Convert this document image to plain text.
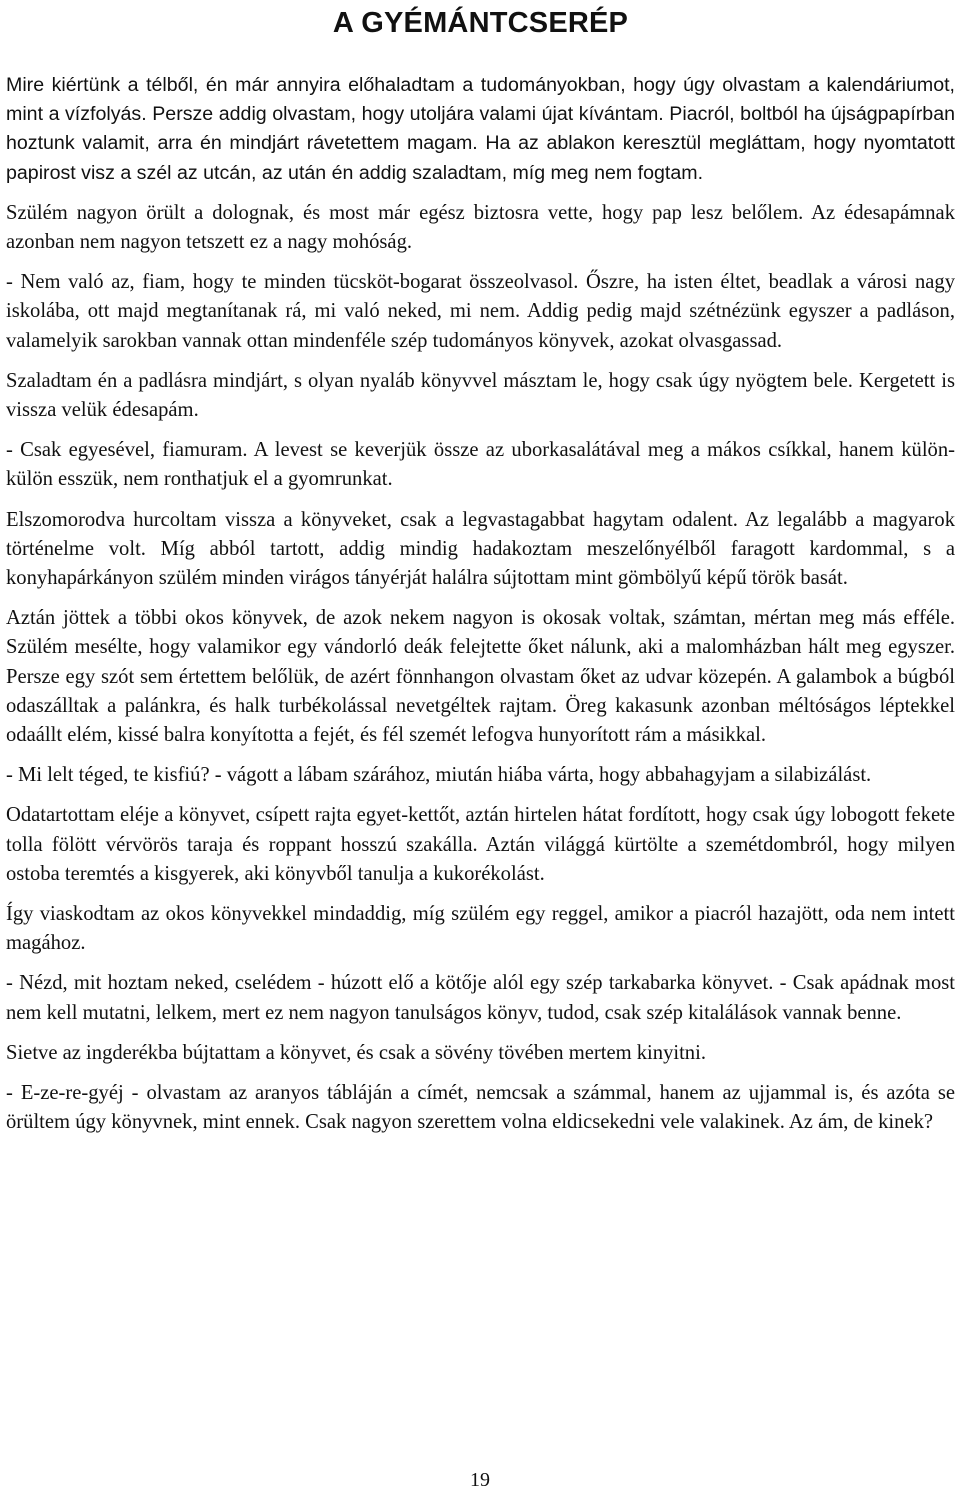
A GYÉMÁNTCSERÉP

Mire kiértünk a télből, én már annyira előhaladtam a tudományokban, hogy úgy olvastam a kalendáriumot, mint a vízfolyás. Persze addig olvastam, hogy utoljára valami újat kívántam. Piacról, boltból ha újságpapírban hoztunk valamit, arra én mindjárt rávetettem magam. Ha az ablakon keresztül megláttam, hogy nyomtatott papirost visz a szél az utcán, az után én addig szaladtam, míg meg nem fogtam.

Szülém nagyon örült a dolognak, és most már egész biztosra vette, hogy pap lesz belőlem. Az édesapámnak azonban nem nagyon tetszett ez a nagy mohóság.

- Nem való az, fiam, hogy te minden tücsköt-bogarat összeolvasol. Őszre, ha isten éltet, beadlak a városi nagy iskolába, ott majd megtanítanak rá, mi való neked, mi nem. Addig pedig majd szétnézünk egyszer a padláson, valamelyik sarokban vannak ottan mindenféle szép tudományos könyvek, azokat olvasgassad.

Szaladtam én a padlásra mindjárt, s olyan nyaláb könyvvel másztam le, hogy csak úgy nyögtem bele. Kergetett is vissza velük édesapám.

- Csak egyesével, fiamuram. A levest se keverjük össze az uborkasalátával meg a mákos csíkkal, hanem külön-külön esszük, nem ronthatjuk el a gyomrunkat.

Elszomorodva hurcoltam vissza a könyveket, csak a legvastagabbat hagytam odalent. Az legalább a magyarok történelme volt. Míg abból tartott, addig mindig hadakoztam meszelőnyélből faragott kardommal, s a konyhapárkányon szülém minden virágos tányérját halálra sújtottam mint gömbölyű képű török basát.

Aztán jöttek a többi okos könyvek, de azok nekem nagyon is okosak voltak, számtan, mértan meg más efféle. Szülém mesélte, hogy valamikor egy vándorló deák felejtette őket nálunk, aki a malomházban hált meg egyszer. Persze egy szót sem értettem belőlük, de azért fönnhangon olvastam őket az udvar közepén. A galambok a búgból odaszálltak a palánkra, és halk turbékolással nevetgéltek rajtam. Öreg kakasunk azonban méltóságos léptekkel odaállt elém, kissé balra konyította a fejét, és fél szemét lefogva hunyorított rám a másikkal.

- Mi lelt téged, te kisfiú? - vágott a lábam szárához, miután hiába várta, hogy abbahagyjam a silabizálást.

Odatartottam eléje a könyvet, csípett rajta egyet-kettőt, aztán hirtelen hátat fordított, hogy csak úgy lobogott fekete tolla fölött vérvörös taraja és roppant hosszú szakálla. Aztán világgá kürtölte a szemétdombról, hogy milyen ostoba teremtés a kisgyerek, aki könyvből tanulja a kukorékolást.

Így viaskodtam az okos könyvekkel mindaddig, míg szülém egy reggel, amikor a piacról hazajött, oda nem intett magához.

- Nézd, mit hoztam neked, cselédem - húzott elő a kötője alól egy szép tarkabarka könyvet. - Csak apádnak most nem kell mutatni, lelkem, mert ez nem nagyon tanulságos könyv, tudod, csak szép kitalálások vannak benne.

Sietve az ingderékba bújtattam a könyvet, és csak a sövény tövében mertem kinyitni.

- E-ze-re-gyéj - olvastam az aranyos tábláján a címét, nemcsak a számmal, hanem az ujjammal is, és azóta se örültem úgy könyvnek, mint ennek. Csak nagyon szerettem volna eldicsekedni vele valakinek. Az ám, de kinek?

19
